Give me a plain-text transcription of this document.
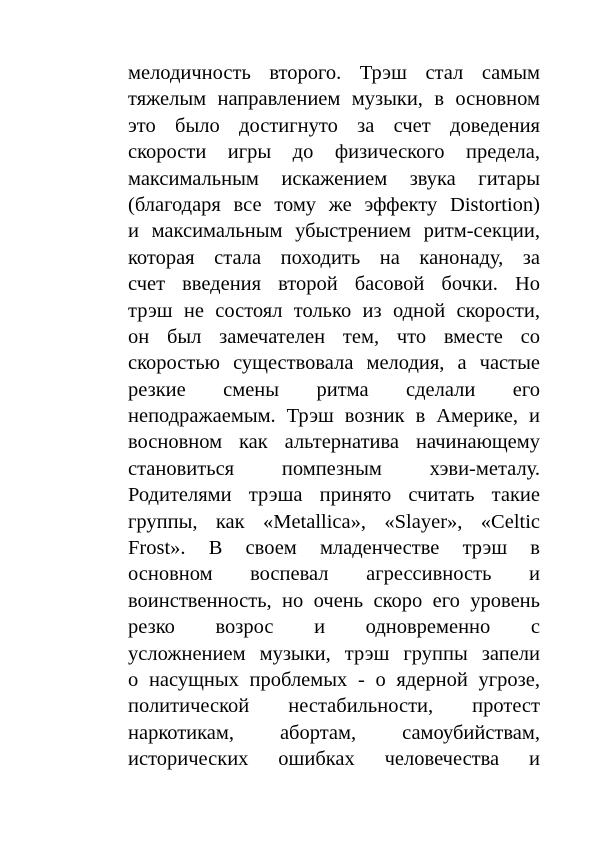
мелодичность второго. Трэш стал самым
тяжелым направлением музыки, в основном
это было достигнуто за счет доведения
скорости игры до физического предела,
максимальным искажением звука гитары
(благодаря все тому же эффекту Distortion)
и максимальным убыстрением ритм-секции,
которая стала походить на канонаду, за
счет введения второй басовой бочки. Но
трэш не состоял только из одной скорости,
он был замечателен тем, что вместе со
скоростью существовала мелодия, а частые
резкие смены ритма сделали его
неподражаемым. Трэш возник в Америке, и
восновном как альтернатива начинающему
становиться помпезным хэви-металу.
Родителями трэша принято считать такие
группы, как «Metallica», «Slayer», «Celtic
Frost». В своем младенчестве трэш в
основном воспевал агрессивность и
воинственность, но очень скоро его уровень
резко возрос и одновременно с
усложнением музыки, трэш группы запели
о насущных проблемых - о ядерной угрозе,
политической нестабильности, протест
наркотикам, абортам, самоубийствам,
исторических ошибках человечества и
